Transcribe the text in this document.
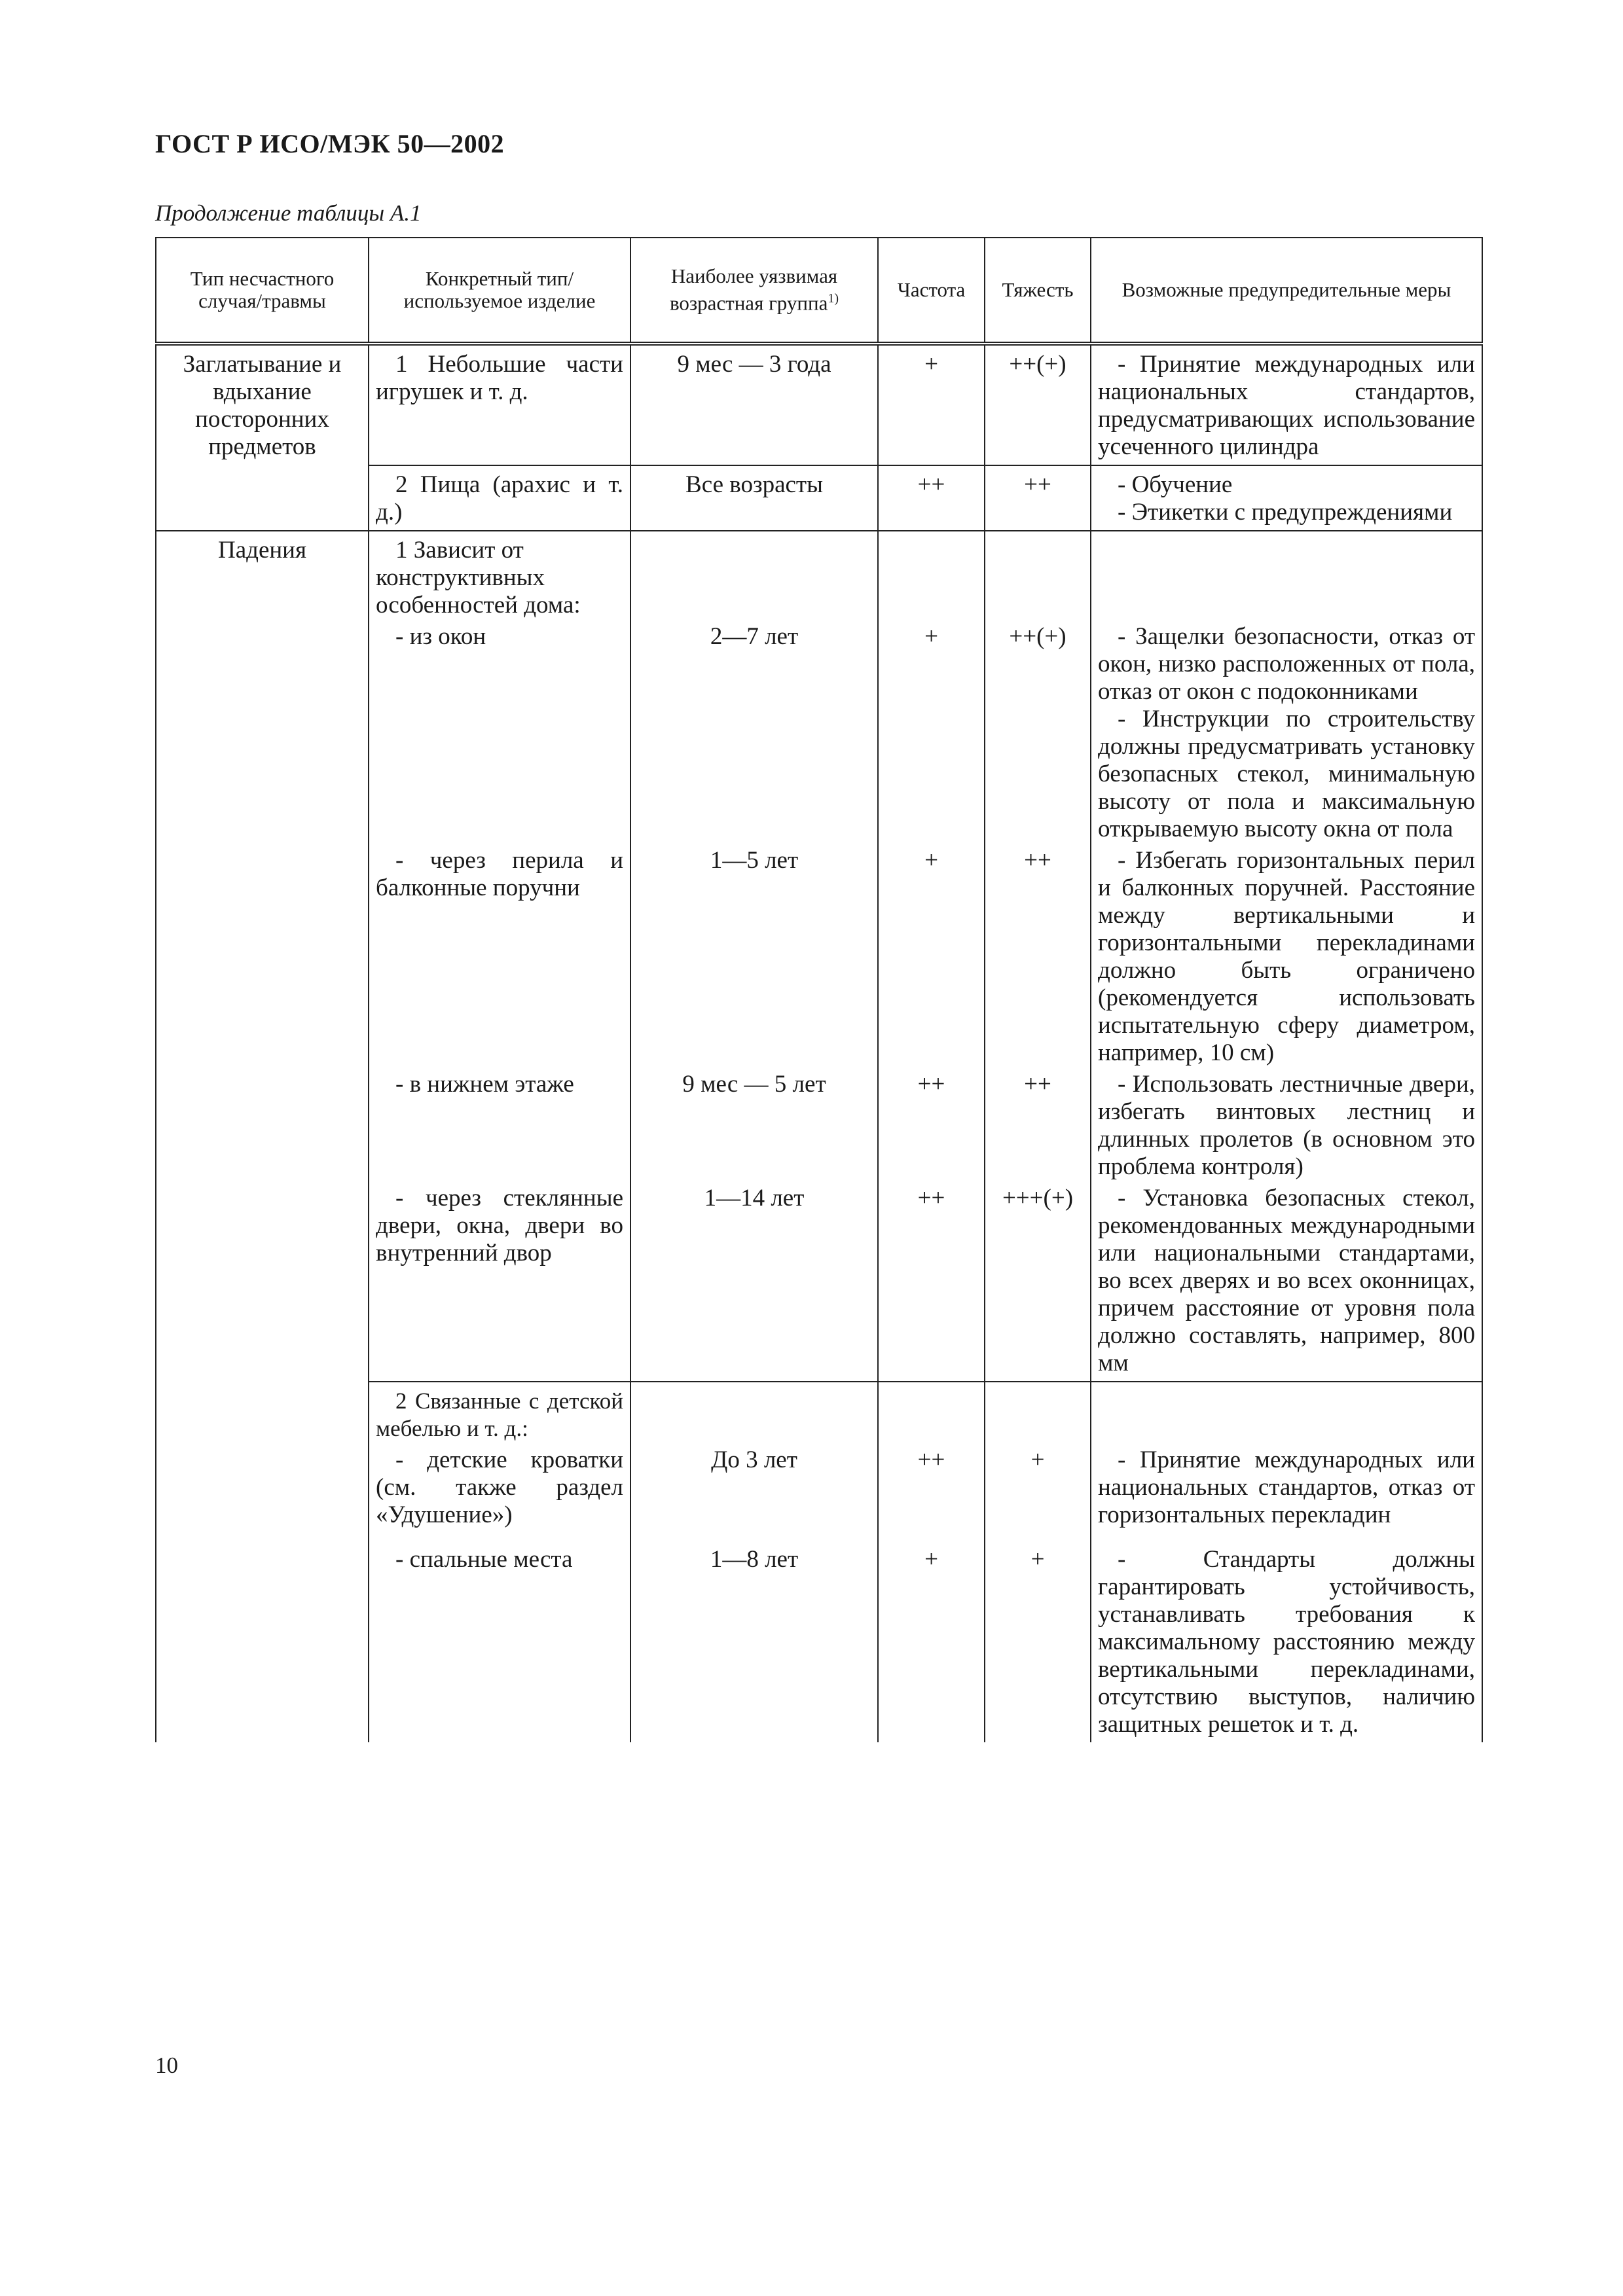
ГОСТ Р ИСО/МЭК 50—2002
Продолжение таблицы А.1
Тип несчастного случая/травмы	Конкретный тип/используемое изделие	Наиболее уязвимая возрастная группа$^{1)}$	Частота	Тяжесть	Возможные предупредительные меры
Заглатывание и вдыхание посторонних предметов	1 Небольшие части игрушек и т. д.	9 мес — 3 года	+	++(+)	- Принятие международных или национальных стандартов, предусматривающих использование усеченного цилиндра
	2 Пища (арахис и т. д.)	Все возрасты	++	++	- Обучение
- Этикетки с предупреждениями

Падения	1 Зависит от конструктивных особенностей дома:				
	- из окон	2—7 лет	+	++(+)	- Защелки безопасности, отказ от окон, низко расположенных от пола, отказ от окон с подоконниками
- Инструкции по строительству должны предусматривать установку безопасных стекол, минимальную высоту от пола и максимальную открываемую высоту окна от пола

	- через перила и балконные поручни	1—5 лет	+	++	- Избегать горизонтальных перил и балконных поручней. Расстояние между вертикальными и горизонтальными перекладинами должно быть ограничено (рекомендуется использовать испытательную сферу диаметром, например, 10 см)
	- в нижнем этаже	9 мес — 5 лет	++	++	- Использовать лестничные двери, избегать винтовых лестниц и длинных пролетов (в основном это проблема контроля)
	- через стеклянные двери, окна, двери во внутренний двор	1—14 лет	++	+++(+)	- Установка безопасных стекол, рекомендованных международными или национальными стандартами, во всех дверях и во всех оконницах, причем расстояние от уровня пола должно составлять, например, 800 мм
	2 Связанные с детской мебелью и т. д.:				
	- детские кроватки (см. также раздел «Удушение»)	До 3 лет	++	+	- Принятие международных или национальных стандартов, отказ от горизонтальных перекладин
	- спальные места	1—8 лет	+	+	- Стандарты должны гарантировать устойчивость, устанавливать требования к максимальному расстоянию между вертикальными перекладинами, отсутствию выступов, наличию защитных решеток и т. д.
10
